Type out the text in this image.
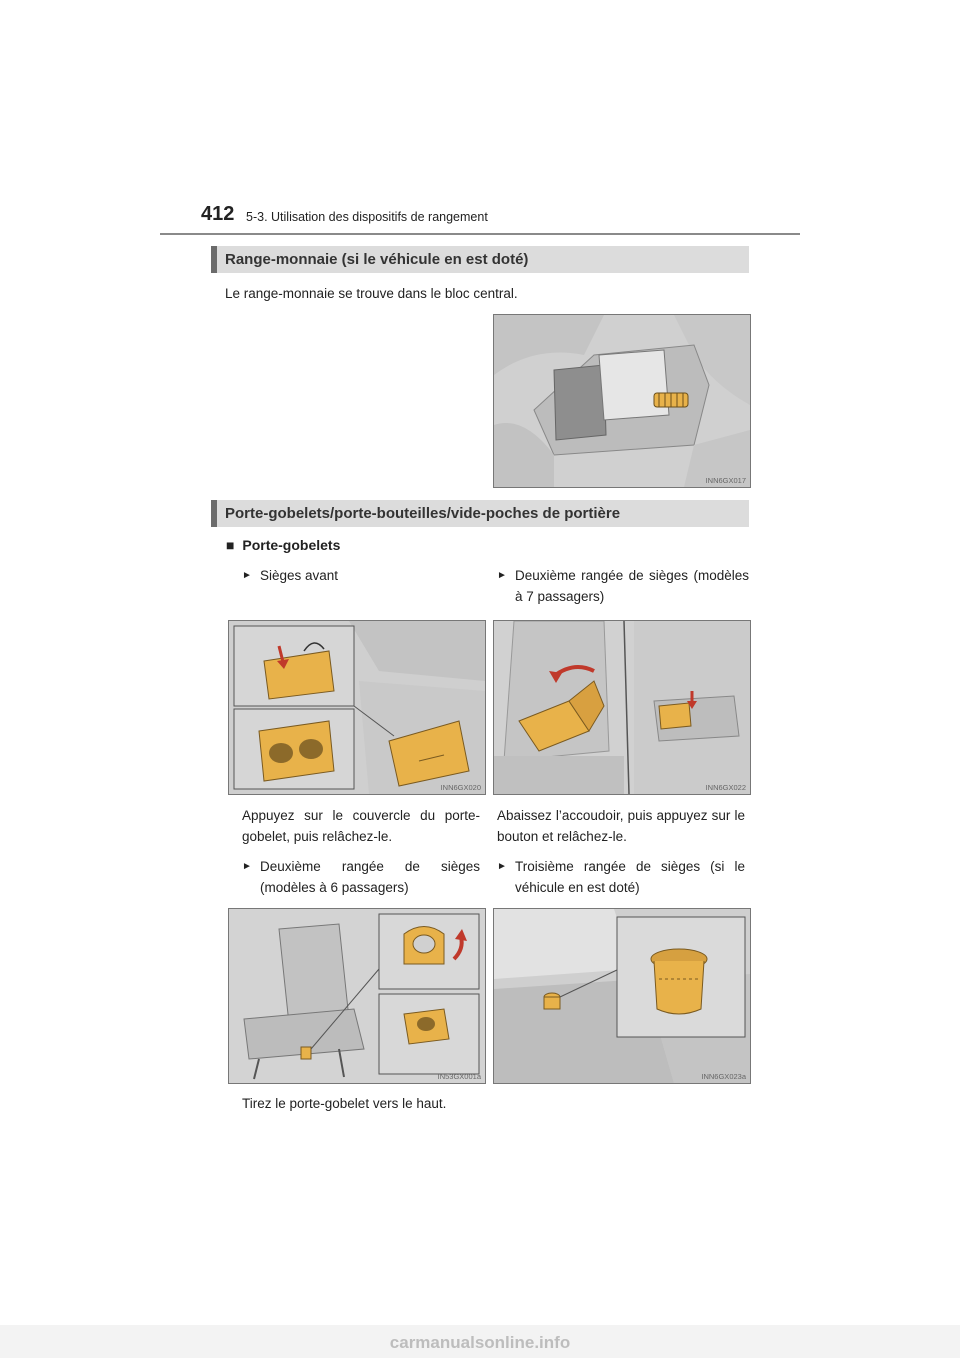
412 5-3. Utilisation des dispositifs de rangement
Range-monnaie (si le véhicule en est doté)
Le range-monnaie se trouve dans le bloc central.
INN6GX017
Porte-gobelets/porte-bouteilles/vide-poches de portière
■ Porte-gobelets
► Sièges avant	► Deuxième rangée de sièges (modèles à 7 passagers)
INN6GX020	INN6GX022
Appuyez sur le couvercle du porte-gobelet, puis relâchez-le.
Abaissez l’accoudoir, puis appuyez sur le bouton et relâchez-le.
► Deuxième rangée de sièges (modèles à 6 passagers)
► Troisième rangée de sièges (si le véhicule en est doté)
IN53GX001a	INN6GX023a
Tirez le porte-gobelet vers le haut.
carmanualsonline.info
